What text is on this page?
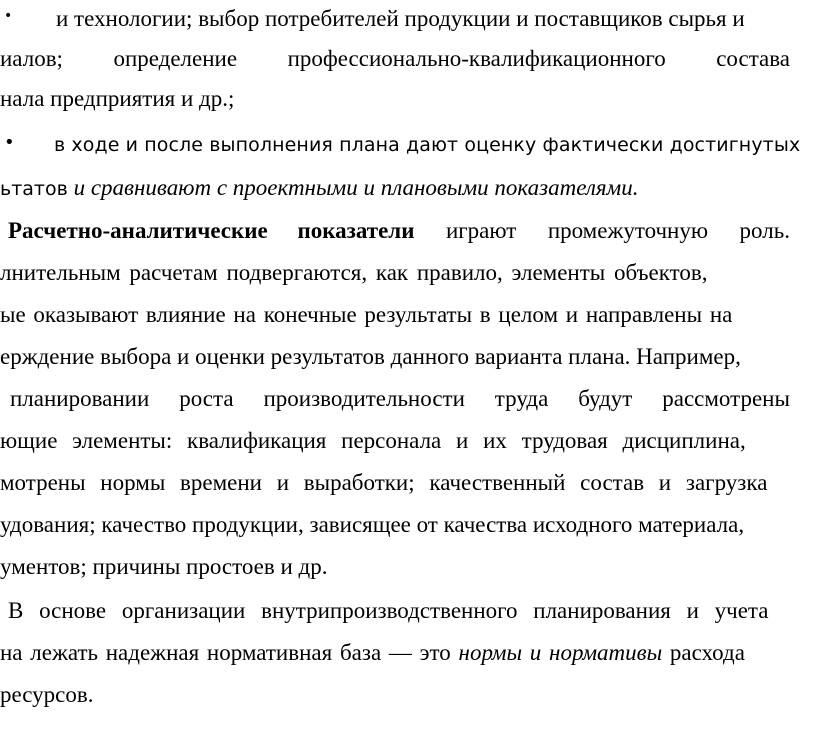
• и технологии; выбор потребителей продукции и поставщиков сырья и
иалов; определение профессионально-квалификационного состава
нала предприятия и др.;
• в ходе и после выполнения плана дают оценку фактически достигнутых
ьтатов и сравнивают с проектными и плановыми показателями.
Расчетно-аналитические показатели играют промежуточную роль.
лнительным расчетам подвергаются, как правило, элементы объектов,
ые оказывают влияние на конечные результаты в целом и направлены на
ерждение выбора и оценки результатов данного варианта плана. Например,
планировании роста производительности труда будут рассмотрены
ющие элементы: квалификация персонала и их трудовая дисциплина,
мотрены нормы времени и выработки; качественный состав и загрузка
удования; качество продукции, зависящее от качества исходного материала,
ументов; причины простоев и др.
В основе организации внутрипроизводственного планирования и учета
на лежать надежная нормативная база — это нормы и нормативы расхода
ресурсов.
